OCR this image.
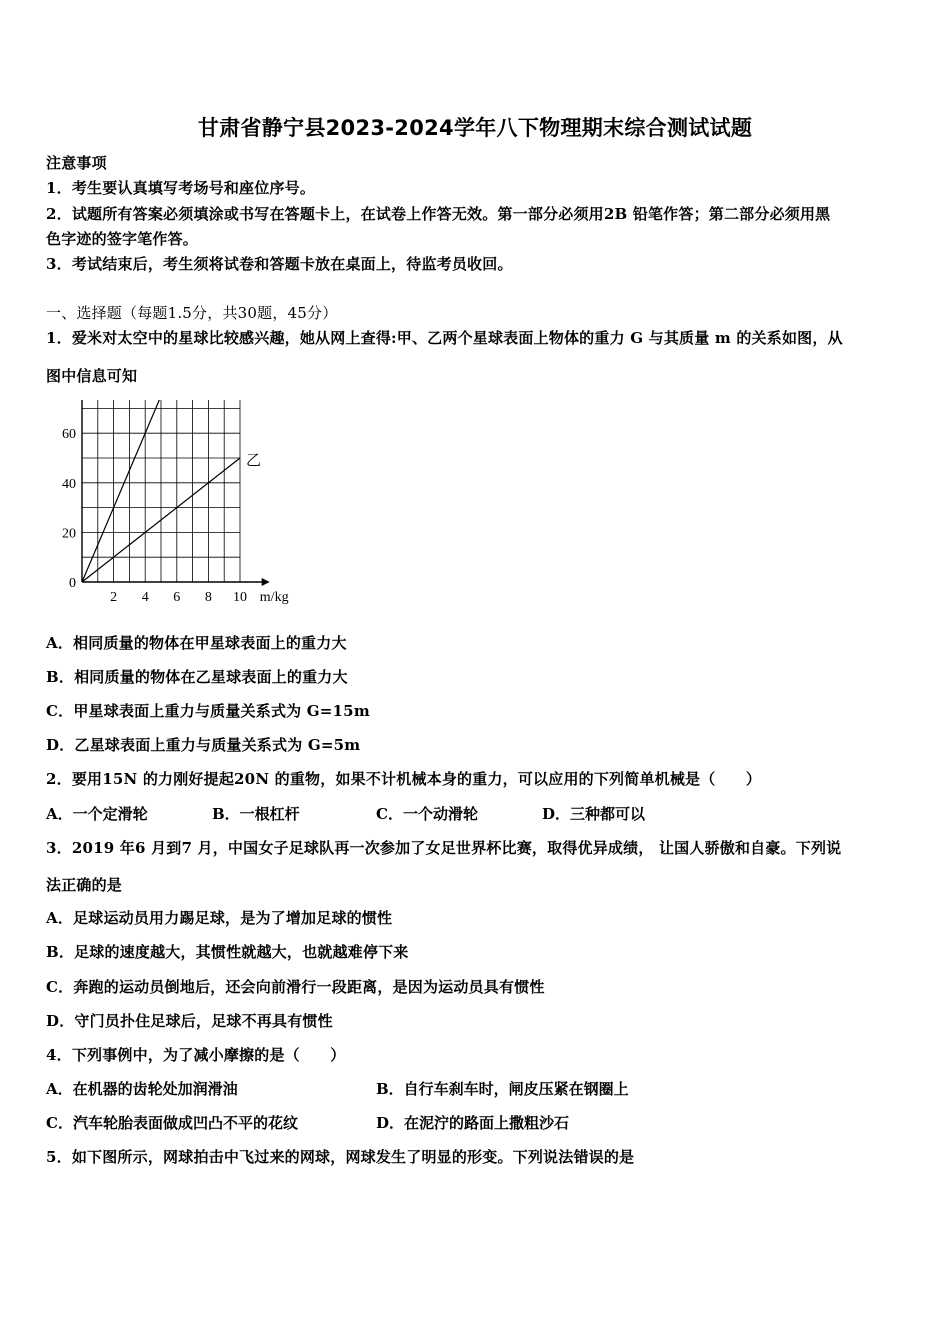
甘肃省静宁县2023-2024学年八下物理期末综合测试试题
注意事项
1．考生要认真填写考场号和座位序号。
2．试题所有答案必须填涂或书写在答题卡上，在试卷上作答无效。第一部分必须用2B 铅笔作答；第二部分必须用黑
色字迹的签字笔作答。
3．考试结束后，考生须将试卷和答题卡放在桌面上，待监考员收回。
一、选择题（每题1.5分，共30题，45分）
1．爱米对太空中的星球比较感兴趣，她从网上查得:甲、乙两个星球表面上物体的重力 G 与其质量 m 的关系如图，从
图中信息可知
m/kg
0
20
40
60
2 4 6 8 10
乙
A．相同质量的物体在甲星球表面上的重力大
B．相同质量的物体在乙星球表面上的重力大
C．甲星球表面上重力与质量关系式为 G=15m
D．乙星球表面上重力与质量关系式为 G=5m
2．要用15N 的力刚好提起20N 的重物，如果不计机械本身的重力，可以应用的下列简单机械是（　　）
A．一个定滑轮	B．一根杠杆	C．一个动滑轮	D．三种都可以
3．2019 年6 月到7 月，中国女子足球队再一次参加了女足世界杯比赛，取得优异成绩， 让国人骄傲和自豪。下列说
法正确的是
A．足球运动员用力踢足球，是为了增加足球的惯性
B．足球的速度越大，其惯性就越大，也就越难停下来
C．奔跑的运动员倒地后，还会向前滑行一段距离，是因为运动员具有惯性
D．守门员扑住足球后，足球不再具有惯性
4．下列事例中，为了减小摩擦的是（　　）
A．在机器的齿轮处加润滑油	B．自行车刹车时，闸皮压紧在钢圈上
C．汽车轮胎表面做成凹凸不平的花纹	D．在泥泞的路面上撒粗沙石
5．如下图所示，网球拍击中飞过来的网球，网球发生了明显的形变。下列说法错误的是
